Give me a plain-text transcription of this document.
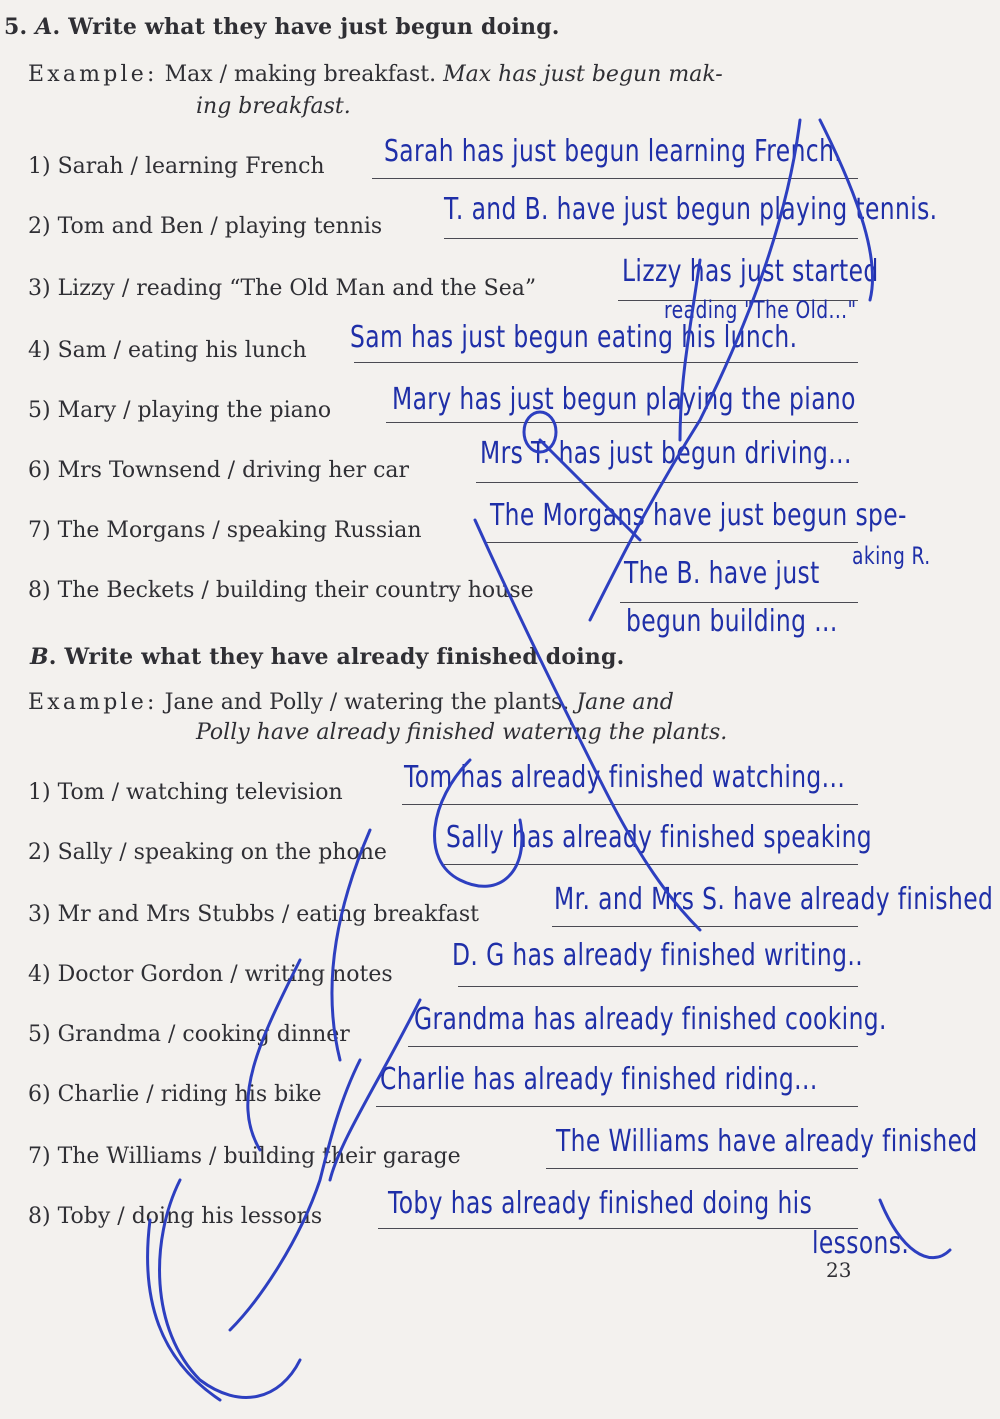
5. A. Write what they have just begun doing.
Example: Max / making breakfast. Max has just begun mak-
ing breakfast.
1) Sarah / learning French Sarah has just begun learning French.
2) Tom and Ben / playing tennis T. and B. have just begun playing tennis.
3) Lizzy / reading “The Old Man and the Sea”	Lizzy has just started
reading "The Old..."
4) Sam / eating his lunch Sam has just begun eating his lunch.
5) Mary / playing the piano Mary has just begun playing the piano
6) Mrs Townsend / driving her car Mrs T. has just begun driving...
7) The Morgans / speaking Russian The Morgans have just begun spe-
aking R.
8) The Beckets / building their country house	The B. have just
begun building ...
B. Write what they have already finished doing.
Example: Jane and Polly / watering the plants. Jane and
Polly have already finished watering the plants.
1) Tom / watching television Tom has already finished watching...
2) Sally / speaking on the phone Sally has already finished speaking
3) Mr and Mrs Stubbs / eating breakfast	Mr. and Mrs S. have already finished
4) Doctor Gordon / writing notes
D. G has already finished writing..
5) Grandma / cooking dinner Grandma has already finished cooking.
6) Charlie / riding his bike Charlie has already finished riding...
7) The Williams / building their garage	The Williams have already finished
8) Toby / doing his lessons Toby has already finished doing his
lessons.
23
